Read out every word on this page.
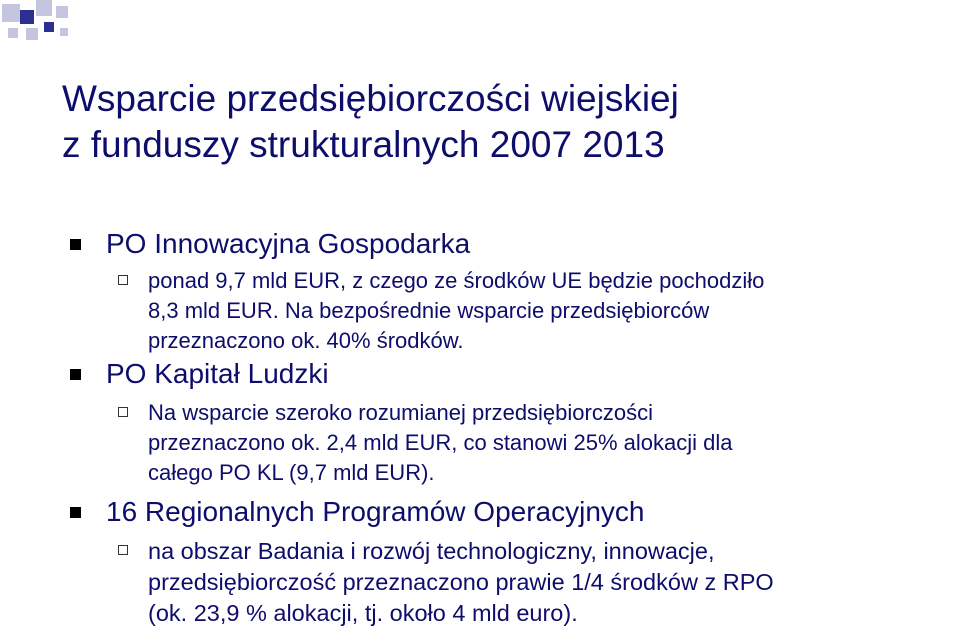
Wsparcie przedsiębiorczości wiejskiej
z funduszy strukturalnych 2007 2013
PO Innowacyjna Gospodarka
ponad 9,7 mld EUR, z czego ze środków UE będzie pochodziło
8,3 mld EUR. Na bezpośrednie wsparcie przedsiębiorców
przeznaczono ok. 40% środków.
PO Kapitał Ludzki
Na wsparcie szeroko rozumianej przedsiębiorczości
przeznaczono ok. 2,4 mld EUR, co stanowi 25% alokacji dla
całego PO KL (9,7 mld EUR).
16 Regionalnych Programów Operacyjnych
na obszar Badania i rozwój technologiczny, innowacje,
przedsiębiorczość przeznaczono prawie 1/4 środków z RPO
(ok. 23,9 % alokacji, tj. około 4 mld euro).
